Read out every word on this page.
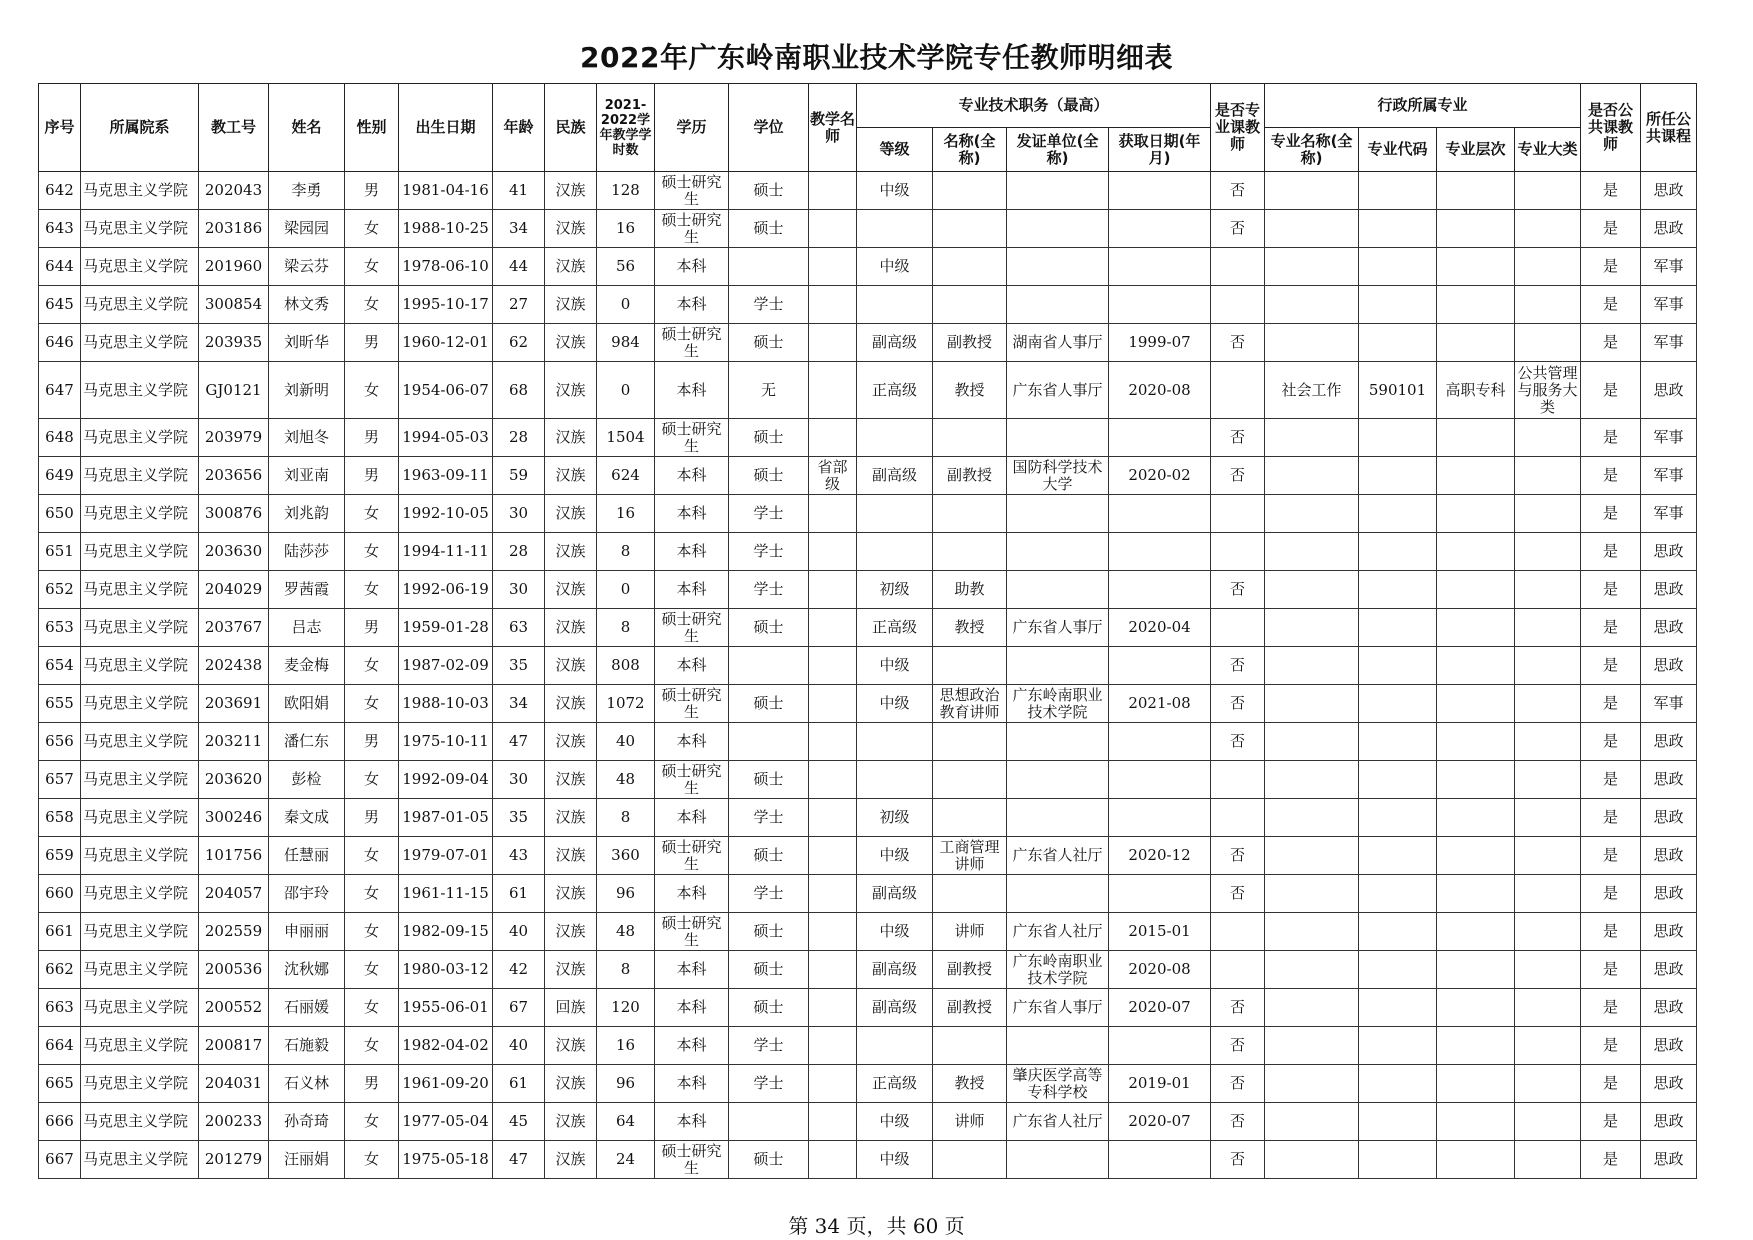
2022年广东岭南职业技术学院专任教师明细表
序号	所属院系	教工号	姓名	性别	出生日期	年龄	民族	2021-2022学年教学学时数	学历	学位	教学名师	专业技术职务（最高）				是否专业课教师	行政所属专业				是否公共课教师	所任公共课程
												等级	名称(全称)	发证单位(全称)	获取日期(年月)		专业名称(全称)	专业代码	专业层次	专业大类		

642	马克思主义学院	202043	李勇	男	1981-04-16	41	汉族	128	硕士研究生	硕士		中级				否					是	思政

643	马克思主义学院	203186	梁园园	女	1988-10-25	34	汉族	16	硕士研究生	硕士						否					是	思政

644	马克思主义学院	201960	梁云芬	女	1978-06-10	44	汉族	56	本科			中级									是	军事

645	马克思主义学院	300854	林文秀	女	1995-10-17	27	汉族	0	本科	学士											是	军事

646	马克思主义学院	203935	刘昕华	男	1960-12-01	62	汉族	984	硕士研究生	硕士		副高级	副教授	湖南省人事厅	1999-07	否					是	军事

647	马克思主义学院	GJ0121	刘新明	女	1954-06-07	68	汉族	0	本科	无		正高级	教授	广东省人事厅	2020-08		社会工作	590101	高职专科	公共管理与服务大类	是	思政

648	马克思主义学院	203979	刘旭冬	男	1994-05-03	28	汉族	1504	硕士研究生	硕士						否					是	军事

649	马克思主义学院	203656	刘亚南	男	1963-09-11	59	汉族	624	本科	硕士	省部级	副高级	副教授	国防科学技术大学	2020-02	否					是	军事

650	马克思主义学院	300876	刘兆韵	女	1992-10-05	30	汉族	16	本科	学士											是	军事

651	马克思主义学院	203630	陆莎莎	女	1994-11-11	28	汉族	8	本科	学士											是	思政

652	马克思主义学院	204029	罗茜霞	女	1992-06-19	30	汉族	0	本科	学士		初级	助教			否					是	思政

653	马克思主义学院	203767	吕志	男	1959-01-28	63	汉族	8	硕士研究生	硕士		正高级	教授	广东省人事厅	2020-04						是	思政

654	马克思主义学院	202438	麦金梅	女	1987-02-09	35	汉族	808	本科			中级				否					是	思政

655	马克思主义学院	203691	欧阳娟	女	1988-10-03	34	汉族	1072	硕士研究生	硕士		中级	思想政治教育讲师	广东岭南职业技术学院	2021-08	否					是	军事

656	马克思主义学院	203211	潘仁东	男	1975-10-11	47	汉族	40	本科							否					是	思政

657	马克思主义学院	203620	彭检	女	1992-09-04	30	汉族	48	硕士研究生	硕士											是	思政

658	马克思主义学院	300246	秦文成	男	1987-01-05	35	汉族	8	本科	学士		初级									是	思政

659	马克思主义学院	101756	任慧丽	女	1979-07-01	43	汉族	360	硕士研究生	硕士		中级	工商管理讲师	广东省人社厅	2020-12	否					是	思政

660	马克思主义学院	204057	邵宇玲	女	1961-11-15	61	汉族	96	本科	学士		副高级				否					是	思政

661	马克思主义学院	202559	申丽丽	女	1982-09-15	40	汉族	48	硕士研究生	硕士		中级	讲师	广东省人社厅	2015-01						是	思政

662	马克思主义学院	200536	沈秋娜	女	1980-03-12	42	汉族	8	本科	硕士		副高级	副教授	广东岭南职业技术学院	2020-08						是	思政

663	马克思主义学院	200552	石丽媛	女	1955-06-01	67	回族	120	本科	硕士		副高级	副教授	广东省人事厅	2020-07	否					是	思政

664	马克思主义学院	200817	石施毅	女	1982-04-02	40	汉族	16	本科	学士						否					是	思政

665	马克思主义学院	204031	石义林	男	1961-09-20	61	汉族	96	本科	学士		正高级	教授	肇庆医学高等专科学校	2019-01	否					是	思政

666	马克思主义学院	200233	孙奇琦	女	1977-05-04	45	汉族	64	本科			中级	讲师	广东省人社厅	2020-07	否					是	思政

667	马克思主义学院	201279	汪丽娟	女	1975-05-18	47	汉族	24	硕士研究生	硕士		中级				否					是	思政
第 34 页，共 60 页
